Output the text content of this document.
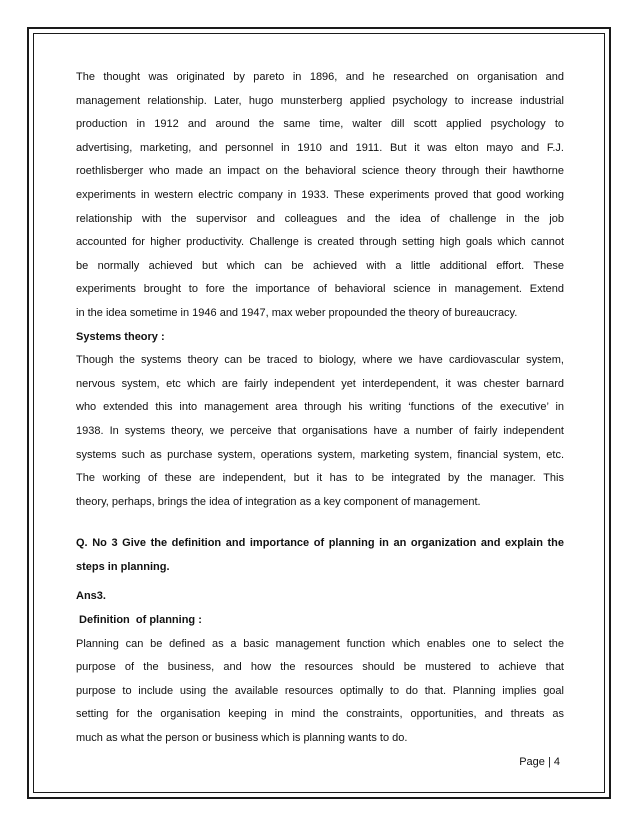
The thought was originated by pareto in 1896, and he researched on organisation and
management relationship. Later, hugo munsterberg applied psychology to increase industrial
production in 1912 and around the same time, walter dill scott applied psychology to
advertising, marketing, and personnel in 1910 and 1911. But it was elton mayo and F.J.
roethlisberger who made an impact on the behavioral science theory through their hawthorne
experiments in western electric company in 1933. These experiments proved that good working
relationship with the supervisor and colleagues and the idea of challenge in the job
accounted for higher productivity. Challenge is created through setting high goals which cannot
be normally achieved but which can be achieved with a little additional effort. These
experiments brought to fore the importance of behavioral science in management. Extend
in the idea sometime in 1946 and 1947, max weber propounded the theory of bureaucracy.
Systems theory :
Though the systems theory can be traced to biology, where we have cardiovascular system,
nervous system, etc which are fairly independent yet interdependent, it was chester barnard
who extended this into management area through his writing ‘functions of the executive’ in
1938. In systems theory, we perceive that organisations have a number of fairly independent
systems such as purchase system, operations system, marketing system, financial system, etc.
The working of these are independent, but it has to be integrated by the manager. This
theory, perhaps, brings the idea of integration as a key component of management.
Q. No 3 Give the definition and importance of planning in an organization and explain the
steps in planning.
Ans3.
Definition  of planning :
Planning can be defined as a basic management function which enables one to select the
purpose of the business, and how the resources should be mustered to achieve that
purpose to include using the available resources optimally to do that. Planning implies goal
setting for the organisation keeping in mind the constraints, opportunities, and threats as
much as what the person or business which is planning wants to do.
Page | 4
